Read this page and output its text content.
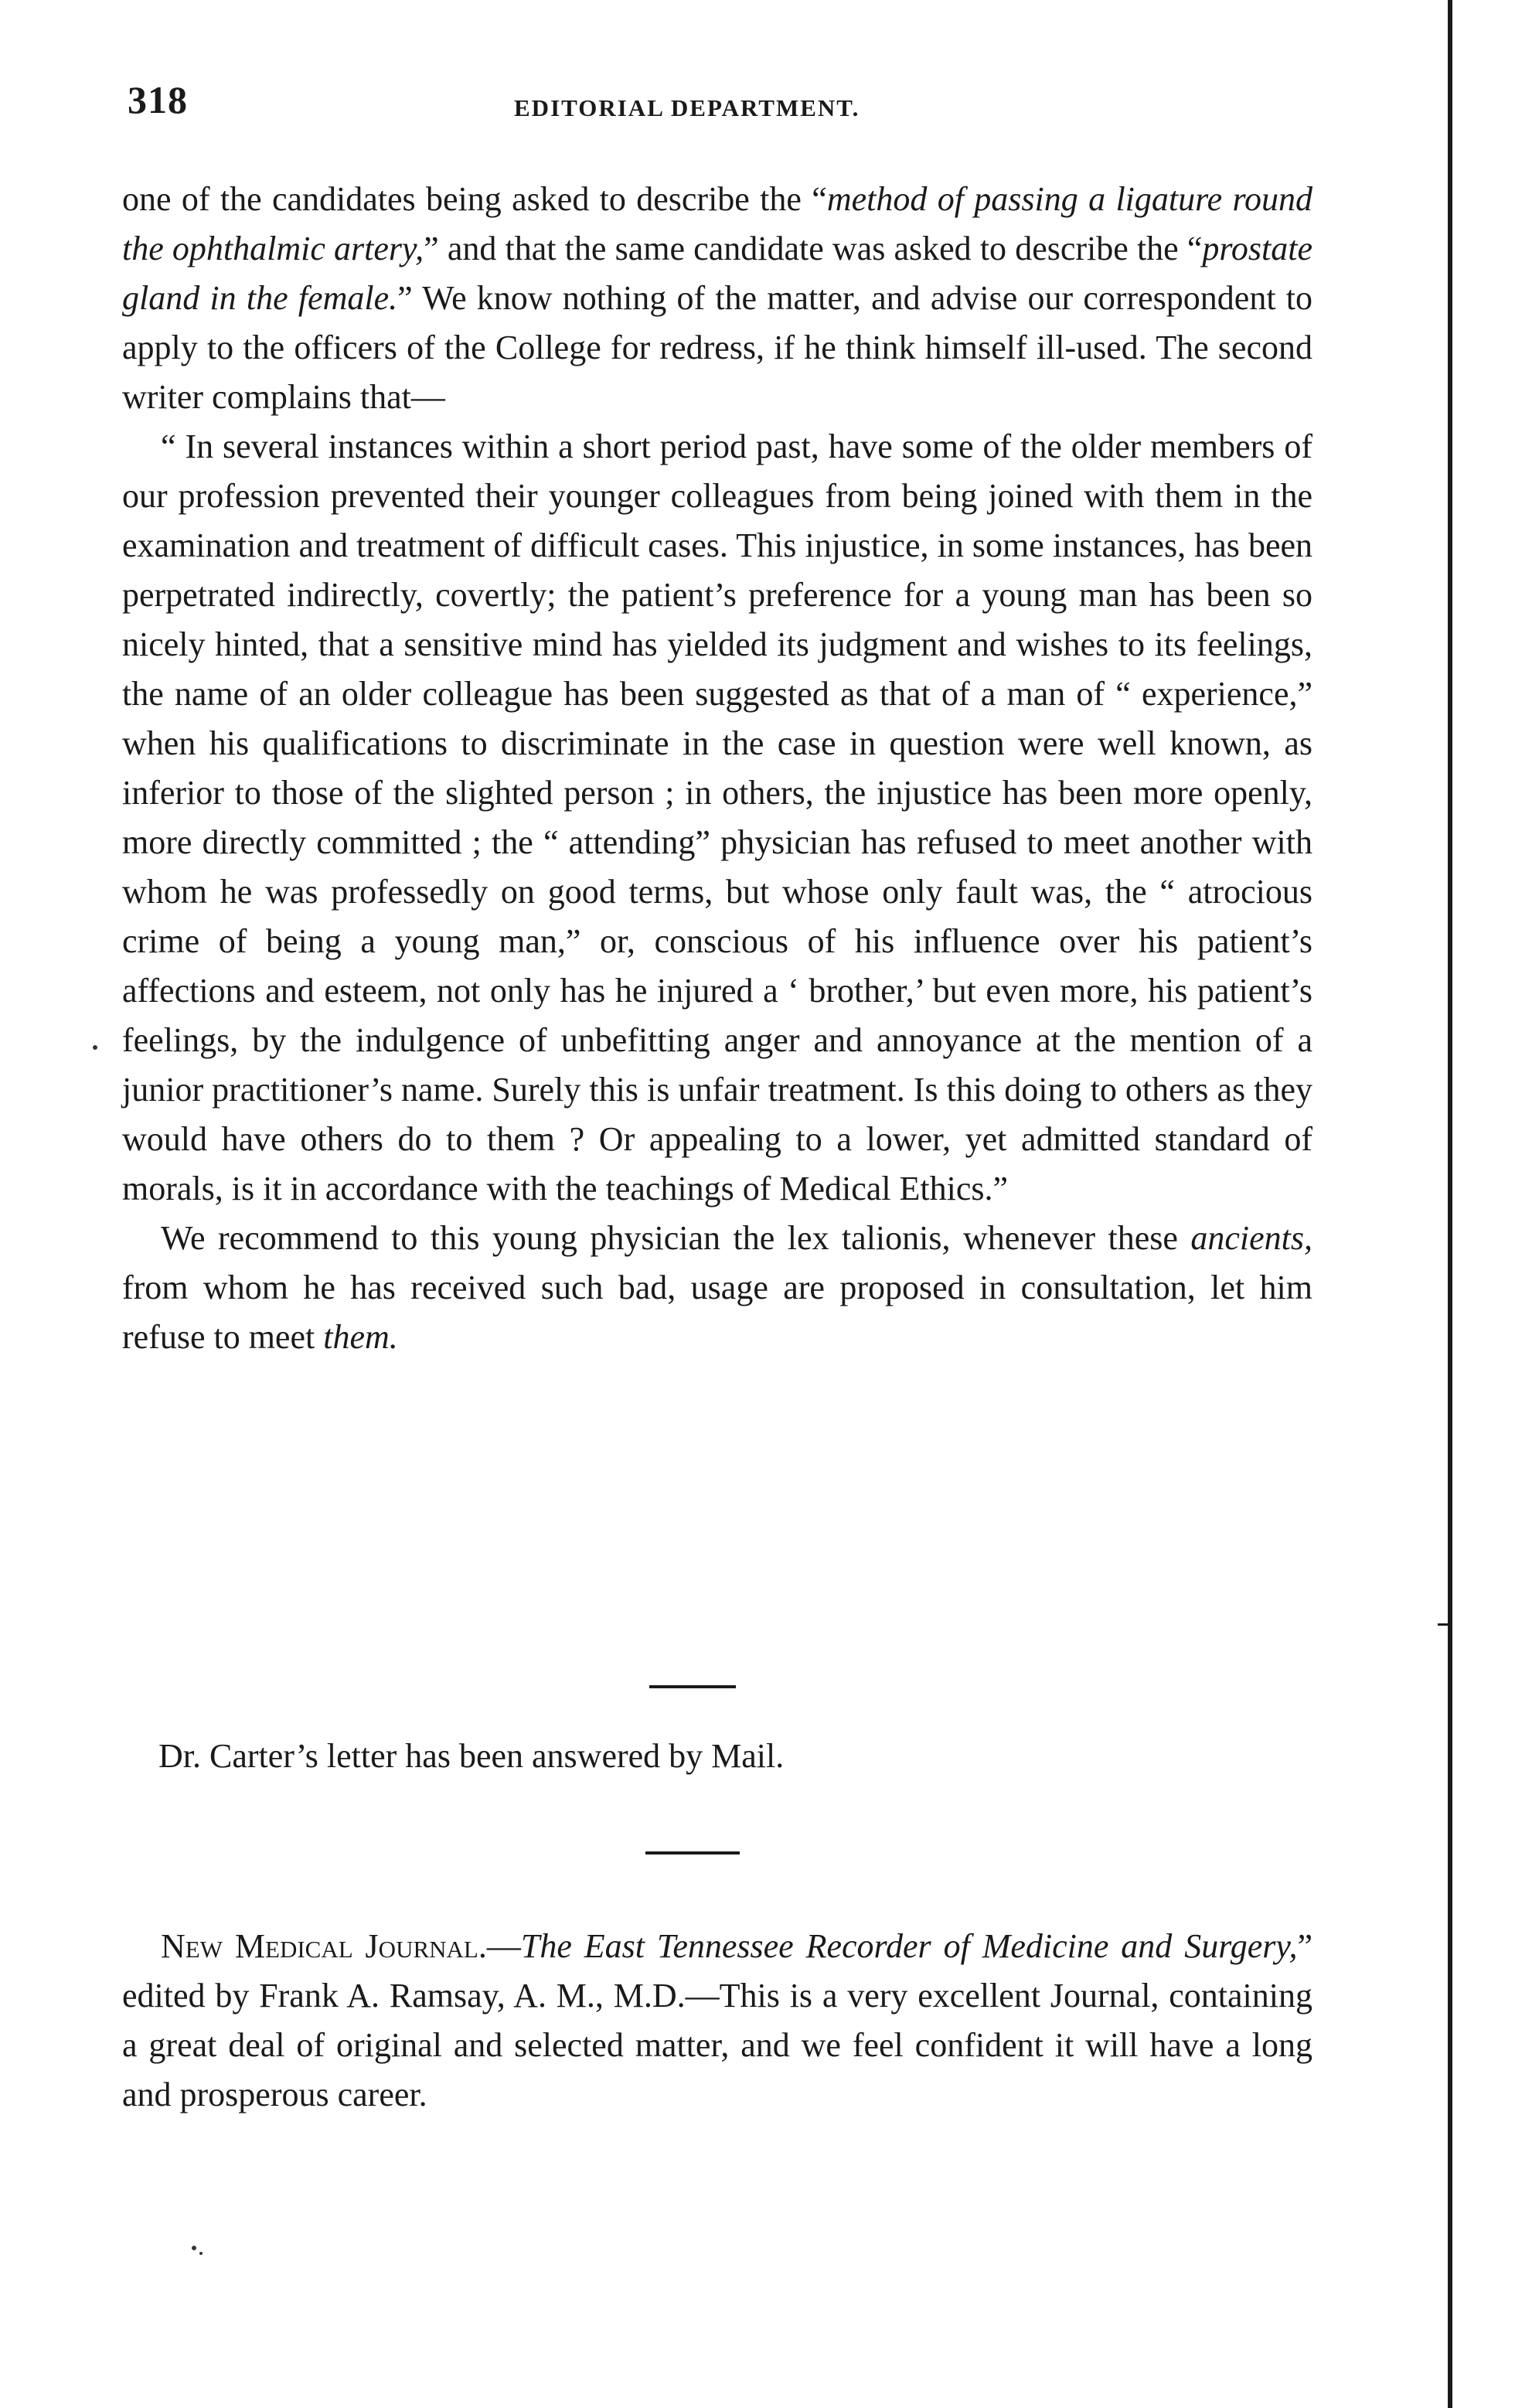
318	EDITORIAL DEPARTMENT.

one of the candidates being asked to describe the “method of passing a ligature round the ophthalmic artery,” and that the same candidate was asked to describe the “prostate gland in the female.” We know nothing of the matter, and advise our correspondent to apply to the officers of the College for redress, if he think himself ill-used. The second writer complains that—

“ In several instances within a short period past, have some of the older members of our profession prevented their younger colleagues from being joined with them in the examination and treatment of difficult cases. This injustice, in some instances, has been perpetrated indirectly, covertly; the patient’s preference for a young man has been so nicely hinted, that a sensitive mind has yielded its judgment and wishes to its feelings, the name of an older colleague has been suggested as that of a man of “ experience,” when his qualifications to discriminate in the case in question were well known, as inferior to those of the slighted person ; in others, the injustice has been more openly, more directly committed ; the “ attending” physician has refused to meet another with whom he was professedly on good terms, but whose only fault was, the “ atrocious crime of being a young man,” or, conscious of his influence over his patient’s affections and esteem, not only has he injured a ‘ brother,’ but even more, his patient’s feelings, by the indulgence of unbefitting anger and annoyance at the mention of a junior practitioner’s name. Surely this is unfair treatment. Is this doing to others as they would have others do to them ? Or appealing to a lower, yet admitted standard of morals, is it in accordance with the teachings of Medical Ethics.”

We recommend to this young physician the lex talionis, whenever these ancients, from whom he has received such bad, usage are proposed in consultation, let him refuse to meet them.

Dr. Carter’s letter has been answered by Mail.

New Medical Journal.—The East Tennessee Recorder of Medicine and Surgery,” edited by Frank A. Ramsay, A. M., M.D.—This is a very excellent Journal, containing a great deal of original and selected matter, and we feel confident it will have a long and prosperous career.
